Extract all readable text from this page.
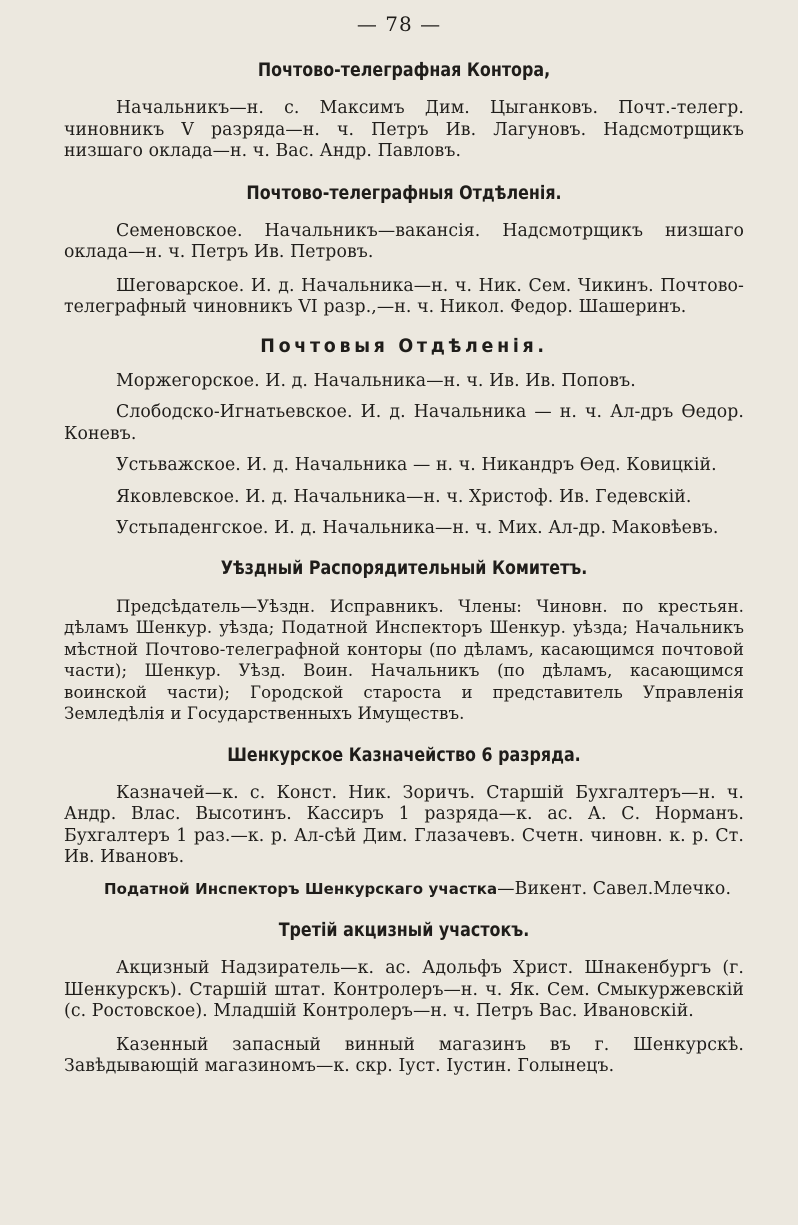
— 78 —
Почтово-телеграфная Контора,

Начальникъ—н. с. Максимъ Дим. Цыганковъ. Почт.-телегр. чиновникъ V разряда—н. ч. Петръ Ив. Лагуновъ. Надсмотрщикъ низшаго оклада—н. ч. Вас. Андр. Павловъ.

Почтово-телеграфныя Отдѣленія.

Семеновское. Начальникъ—вакансія. Надсмотрщикъ низшаго оклада—н. ч. Петръ Ив. Петровъ.

Шеговарское. И. д. Начальника—н. ч. Ник. Сем. Чикинъ. Почтово-телеграфный чиновникъ VI разр.,—н. ч. Никол. Федор. Шашеринъ.

Почтовыя Отдѣленія.

Моржегорское. И. д. Начальника—н. ч. Ив. Ив. Поповъ.

Слободско-Игнатьевское. И. д. Начальника — н. ч. Ал-дръ Ѳедор. Коневъ.

Устьважское. И. д. Начальника — н. ч. Никандръ Ѳед. Ковицкій.

Яковлевское. И. д. Начальника—н. ч. Христоф. Ив. Гедевскій.

Устьпаденгское. И. д. Начальника—н. ч. Мих. Ал-др. Маковѣевъ.

Уѣздный Распорядительный Комитетъ.

Предсѣдатель—Уѣздн. Исправникъ. Члены: Чиновн. по крестьян. дѣламъ Шенкур. уѣзда; Податной Инспекторъ Шенкур. уѣзда; Начальникъ мѣстной Почтово-телеграфной конторы (по дѣламъ, касающимся почтовой части); Шенкур. Уѣзд. Воин. Начальникъ (по дѣламъ, касающимся воинской части); Городской староста и представитель Управленія Земледѣлія и Государственныхъ Имуществъ.

Шенкурское Казначейство 6 разряда.

Казначей—к. с. Конст. Ник. Зоричъ. Старшій Бухгалтеръ—н. ч. Андр. Влас. Высотинъ. Кассиръ 1 разряда—к. ас. А. С. Норманъ. Бухгалтеръ 1 раз.—к. р. Ал-сѣй Дим. Глазачевъ. Счетн. чиновн. к. р. Ст. Ив. Ивановъ.

Податной Инспекторъ Шенкурскаго участка—Викент. Савел.Млечко.

Третій акцизный участокъ.

Акцизный Надзиратель—к. ас. Адольфъ Христ. Шнакенбургъ (г. Шенкурскъ). Старшій штат. Контролеръ—н. ч. Як. Сем. Смыкуржевскій (с. Ростовское). Младшій Контролеръ—н. ч. Петръ Вас. Ивановскій.

Казенный запасный винный магазинъ въ г. Шенкурскѣ. Завѣдывающій магазиномъ—к. скр. Іуст. Іустин. Голынецъ.
